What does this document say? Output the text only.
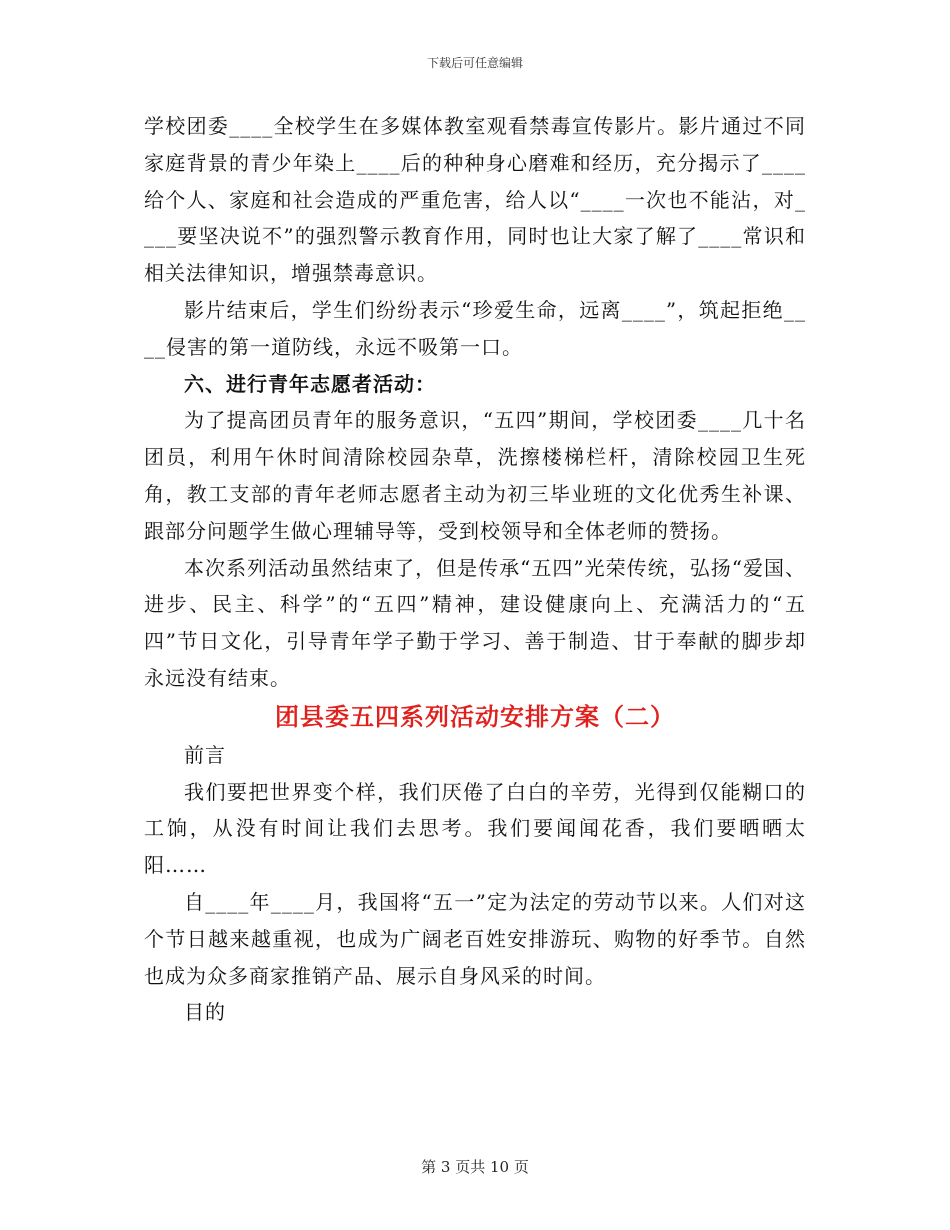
下载后可任意编辑

学校团委____全校学生在多媒体教室观看禁毒宣传影片。影片通过不同家庭背景的青少年染上____后的种种身心磨难和经历，充分揭示了____给个人、家庭和社会造成的严重危害，给人以“____一次也不能沾，对____要坚决说不”的强烈警示教育作用，同时也让大家了解了____常识和相关法律知识，增强禁毒意识。

影片结束后，学生们纷纷表示“珍爱生命，远离____”，筑起拒绝____侵害的第一道防线，永远不吸第一口。

六、进行青年志愿者活动：

为了提高团员青年的服务意识，“五四”期间，学校团委____几十名团员，利用午休时间清除校园杂草，洗擦楼梯栏杆，清除校园卫生死角，教工支部的青年老师志愿者主动为初三毕业班的文化优秀生补课、跟部分问题学生做心理辅导等，受到校领导和全体老师的赞扬。

本次系列活动虽然结束了，但是传承“五四”光荣传统，弘扬“爱国、进步、民主、科学”的“五四”精神，建设健康向上、充满活力的“五四”节日文化，引导青年学子勤于学习、善于制造、甘于奉献的脚步却永远没有结束。

团县委五四系列活动安排方案（二）

前言

我们要把世界变个样，我们厌倦了白白的辛劳，光得到仅能糊口的工饷，从没有时间让我们去思考。我们要闻闻花香，我们要晒晒太阳……

自____年____月，我国将“五一”定为法定的劳动节以来。人们对这个节日越来越重视，也成为广阔老百姓安排游玩、购物的好季节。自然也成为众多商家推销产品、展示自身风采的时间。

目的

第 3 页共 10 页
